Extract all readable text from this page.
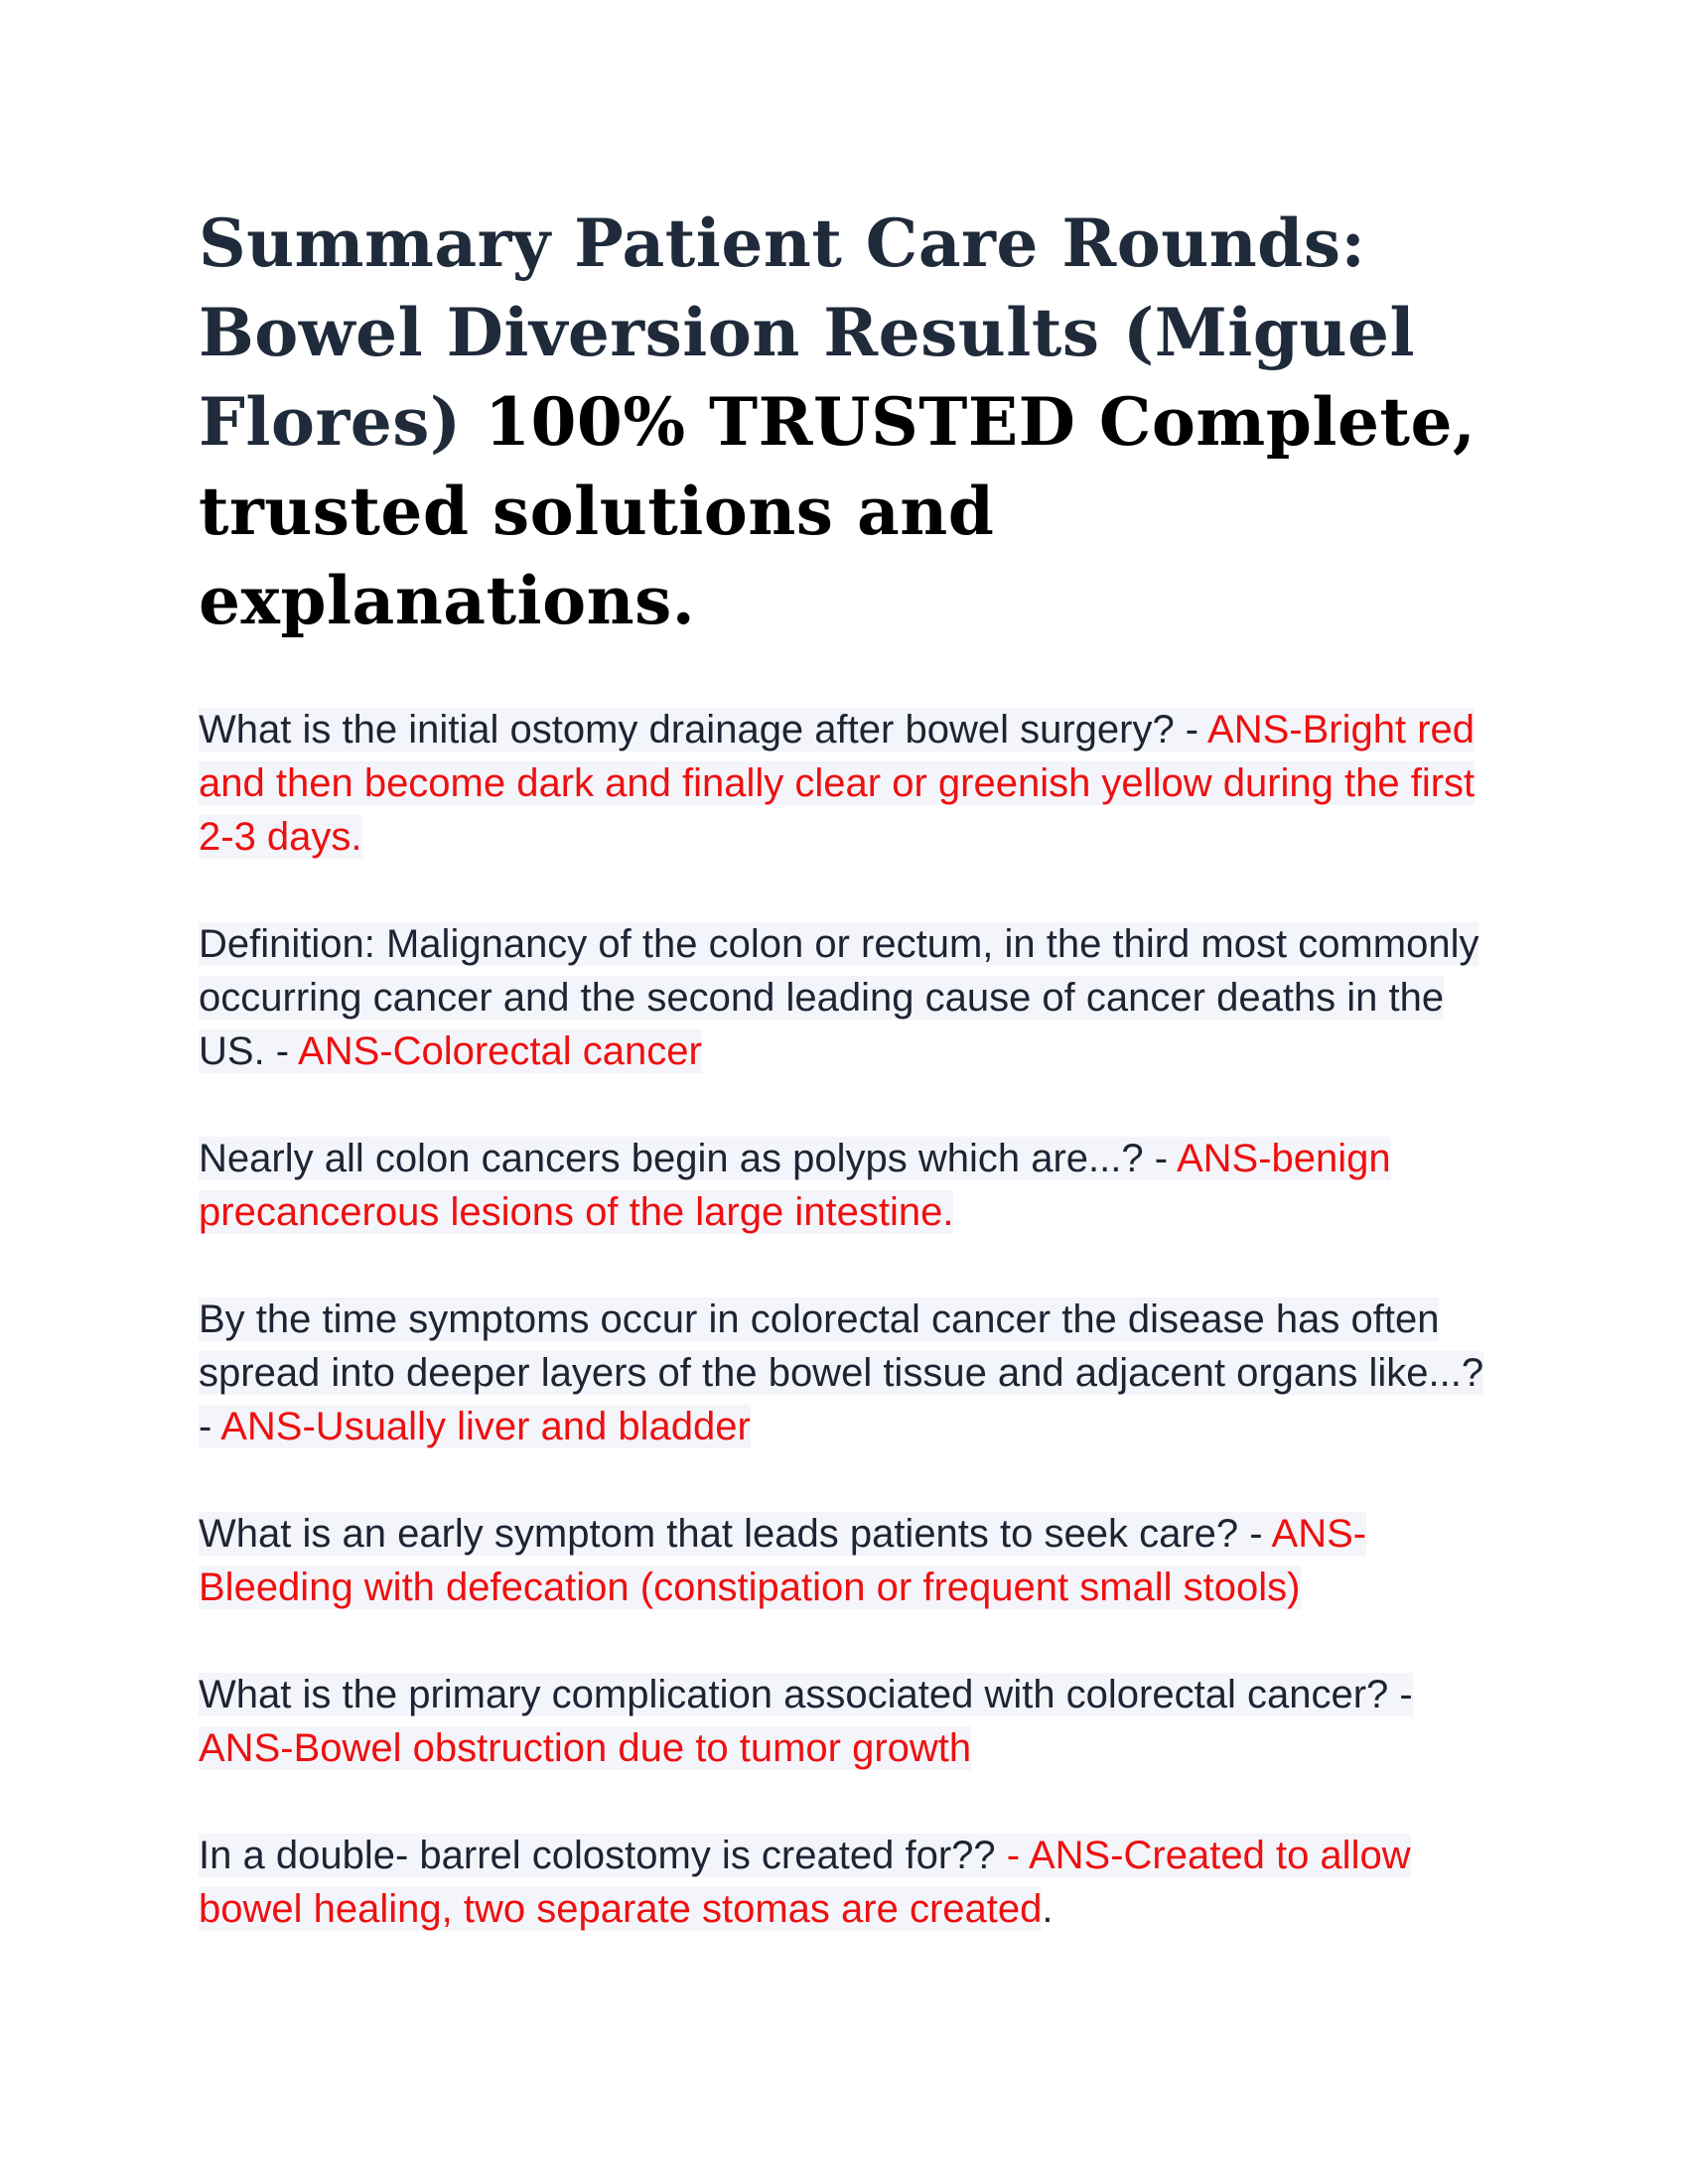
Summary Patient Care Rounds: Bowel Diversion Results (Miguel Flores) 100% TRUSTED Complete, trusted solutions and explanations.

What is the initial ostomy drainage after bowel surgery? - ANS-Bright red and then become dark and finally clear or greenish yellow during the first 2-3 days.

Definition: Malignancy of the colon or rectum, in the third most commonly occurring cancer and the second leading cause of cancer deaths in the US. - ANS-Colorectal cancer

Nearly all colon cancers begin as polyps which are...? - ANS-benign precancerous lesions of the large intestine.

By the time symptoms occur in colorectal cancer the disease has often spread into deeper layers of the bowel tissue and adjacent organs like...? - ANS-Usually liver and bladder

What is an early symptom that leads patients to seek care? - ANS-Bleeding with defecation (constipation or frequent small stools)

What is the primary complication associated with colorectal cancer? - ANS-Bowel obstruction due to tumor growth

In a double- barrel colostomy is created for?? - ANS-Created to allow bowel healing, two separate stomas are created.
